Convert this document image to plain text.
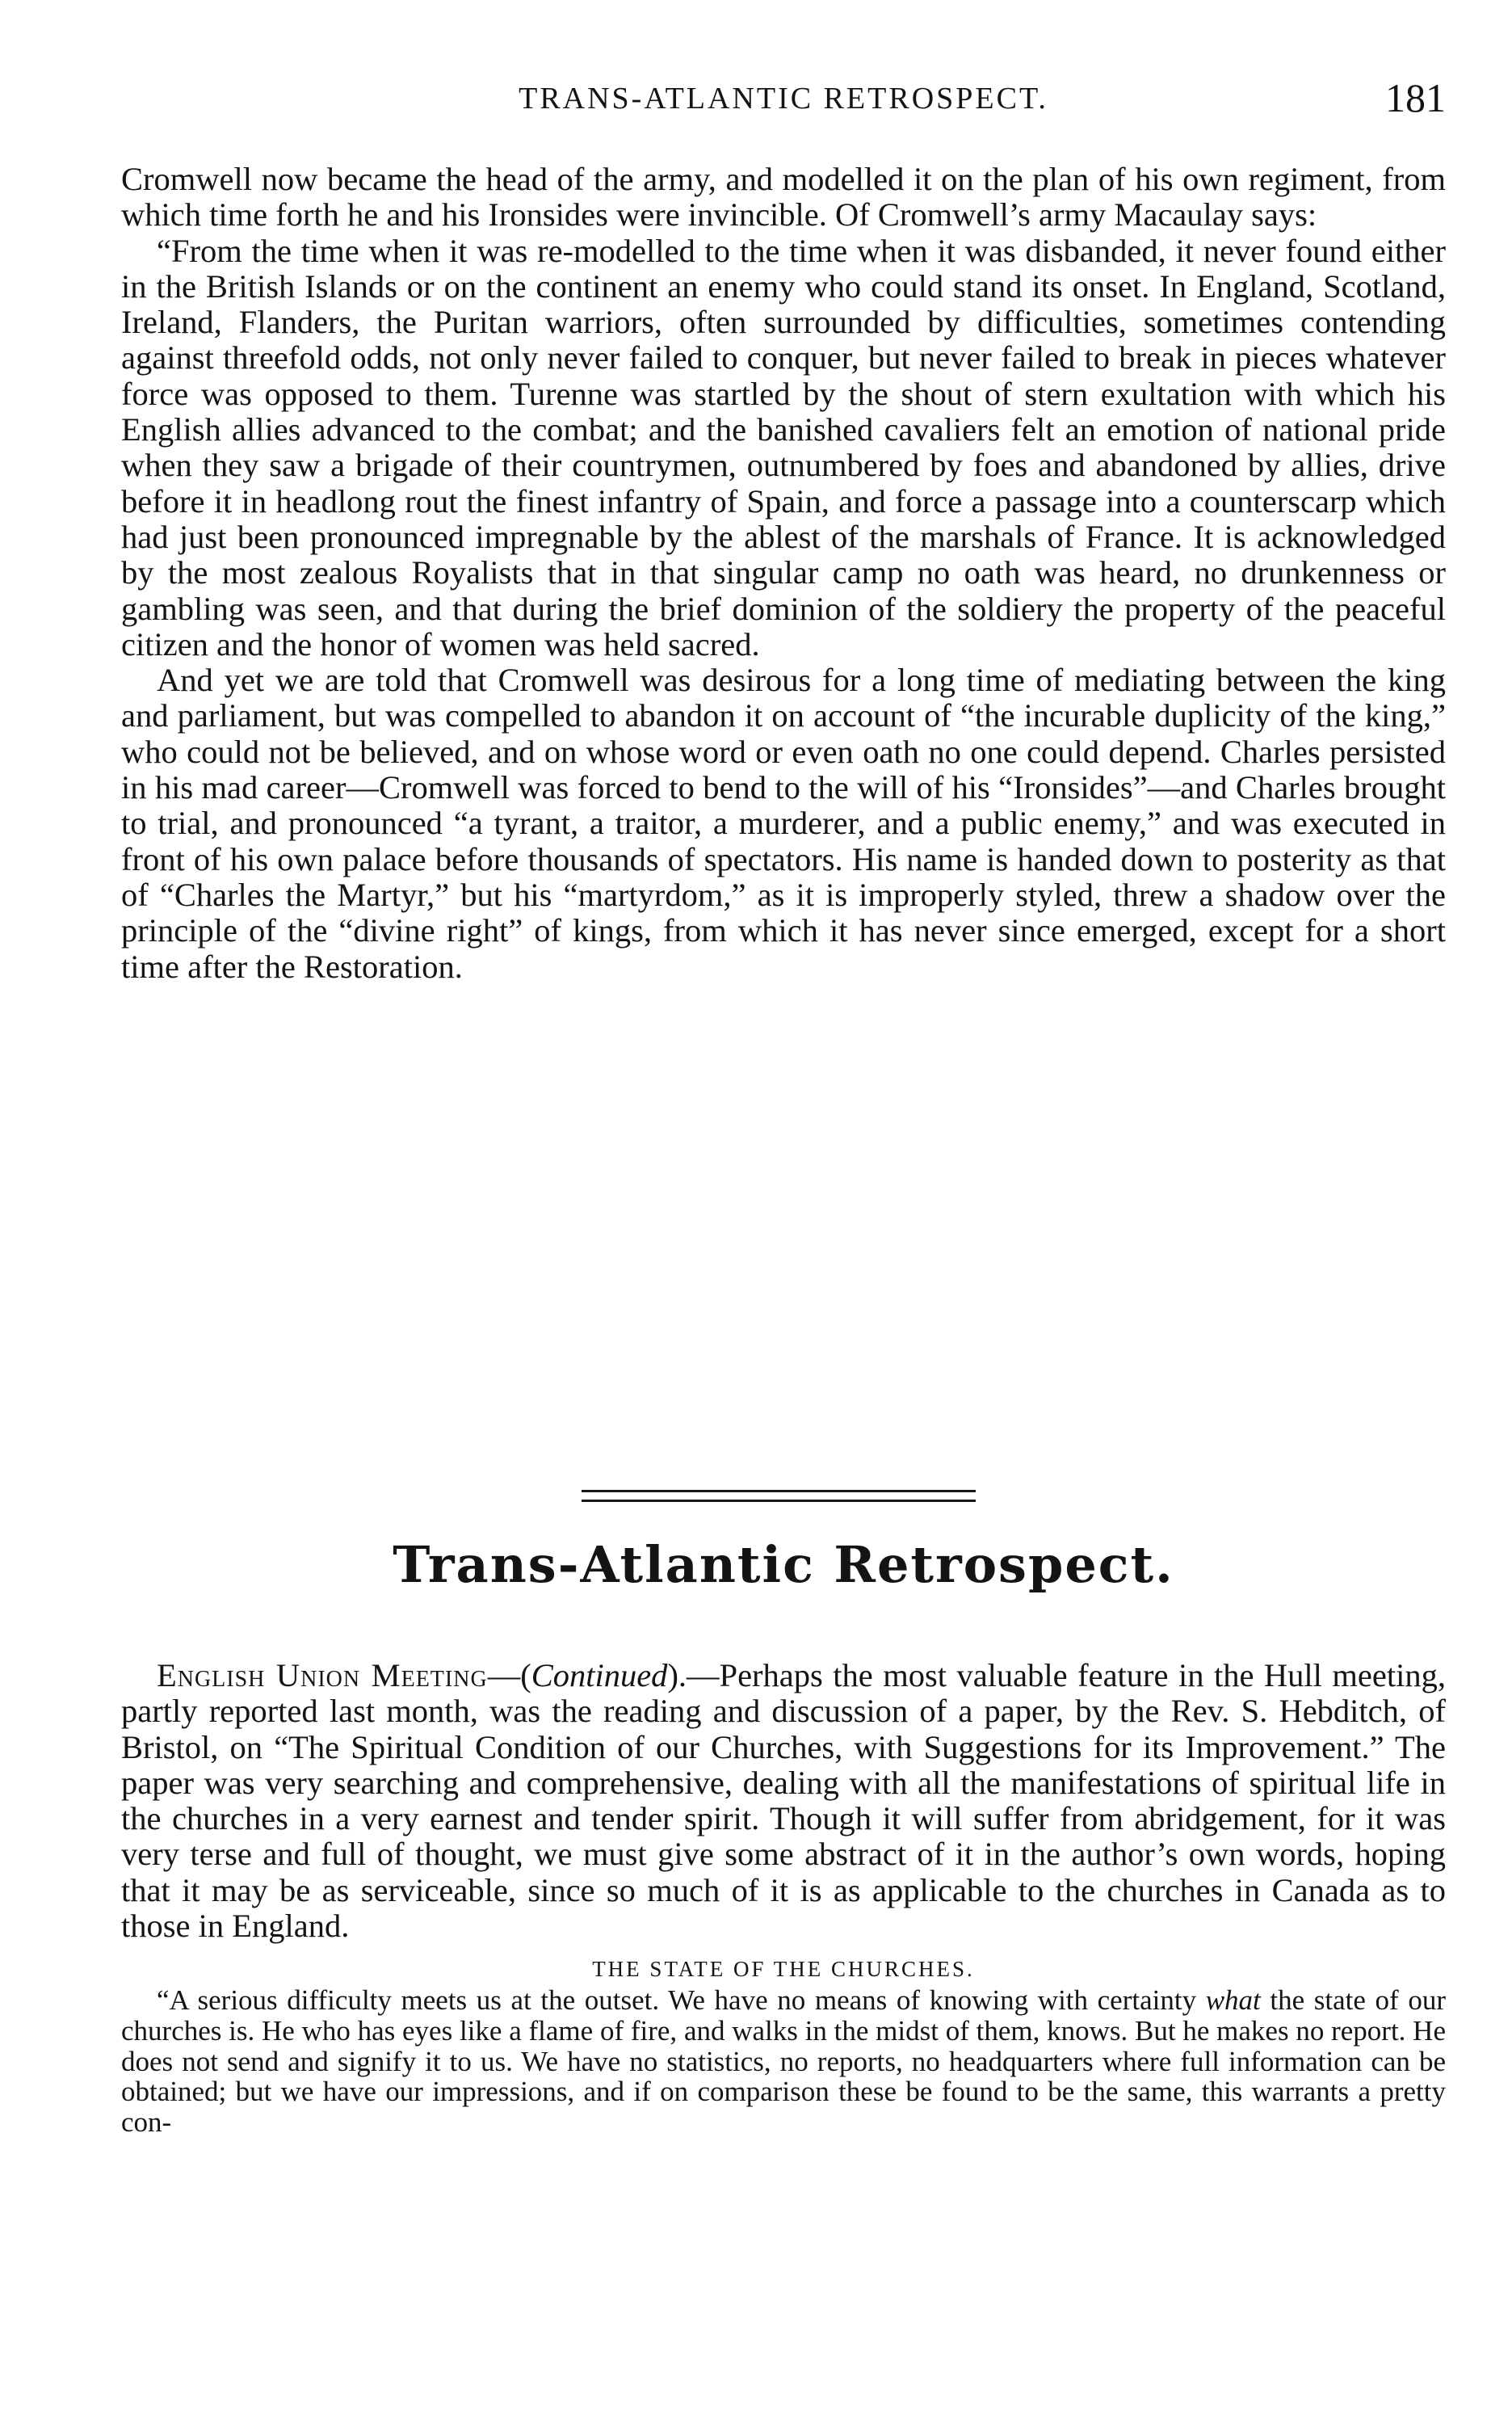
TRANS-ATLANTIC RETROSPECT.	181

Cromwell now became the head of the army, and modelled it on the plan of his own regiment, from which time forth he and his Ironsides were invincible. Of Cromwell’s army Macaulay says:

“From the time when it was re-modelled to the time when it was disbanded, it never found either in the British Islands or on the continent an enemy who could stand its onset. In England, Scotland, Ireland, Flanders, the Puritan warriors, often surrounded by difficulties, sometimes contending against threefold odds, not only never failed to conquer, but never failed to break in pieces whatever force was opposed to them. Turenne was startled by the shout of stern exultation with which his English allies advanced to the combat; and the banished cavaliers felt an emotion of national pride when they saw a brigade of their countrymen, outnumbered by foes and abandoned by allies, drive before it in headlong rout the finest infantry of Spain, and force a passage into a counterscarp which had just been pronounced impregnable by the ablest of the marshals of France. It is acknowledged by the most zealous Royalists that in that singular camp no oath was heard, no drunkenness or gambling was seen, and that during the brief dominion of the soldiery the property of the peaceful citizen and the honor of women was held sacred.

And yet we are told that Cromwell was desirous for a long time of mediating between the king and parliament, but was compelled to abandon it on account of “the incurable duplicity of the king,” who could not be believed, and on whose word or even oath no one could depend. Charles persisted in his mad career—Cromwell was forced to bend to the will of his “Ironsides”—and Charles brought to trial, and pronounced “a tyrant, a traitor, a murderer, and a public enemy,” and was executed in front of his own palace before thousands of spectators. His name is handed down to posterity as that of “Charles the Martyr,” but his “martyrdom,” as it is improperly styled, threw a shadow over the principle of the “divine right” of kings, from which it has never since emerged, except for a short time after the Restoration.

Trans-Atlantic Retrospect.

English Union Meeting—(Continued).—Perhaps the most valuable feature in the Hull meeting, partly reported last month, was the reading and discussion of a paper, by the Rev. S. Hebditch, of Bristol, on “The Spiritual Condition of our Churches, with Suggestions for its Improvement.” The paper was very searching and comprehensive, dealing with all the manifestations of spiritual life in the churches in a very earnest and tender spirit. Though it will suffer from abridgement, for it was very terse and full of thought, we must give some abstract of it in the author’s own words, hoping that it may be as serviceable, since so much of it is as applicable to the churches in Canada as to those in England.

THE STATE OF THE CHURCHES.

“A serious difficulty meets us at the outset. We have no means of knowing with certainty what the state of our churches is. He who has eyes like a flame of fire, and walks in the midst of them, knows. But he makes no report. He does not send and signify it to us. We have no statistics, no reports, no headquarters where full information can be obtained; but we have our impressions, and if on comparison these be found to be the same, this warrants a pretty con-
